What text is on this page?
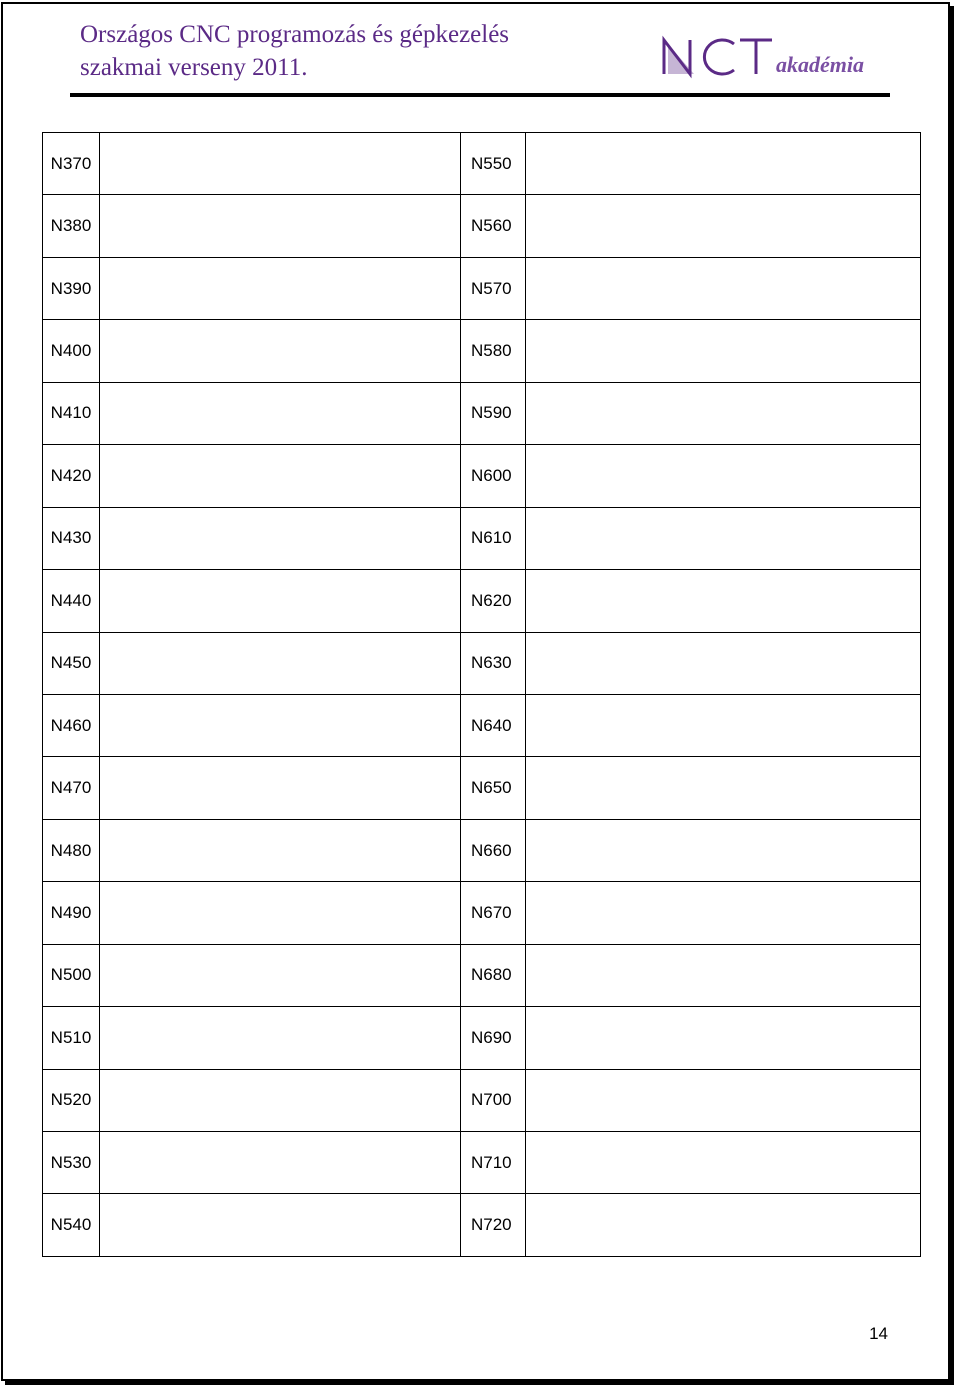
Országos CNC programozás és gépkezelés
szakmai verseny 2011.	akadémia
N370		N550	
N380		N560	
N390		N570	
N400		N580	
N410		N590	
N420		N600	
N430		N610	
N440		N620	
N450		N630	
N460		N640	
N470		N650	
N480		N660	
N490		N670	
N500		N680	
N510		N690	
N520		N700	
N530		N710	
N540		N720	
14
